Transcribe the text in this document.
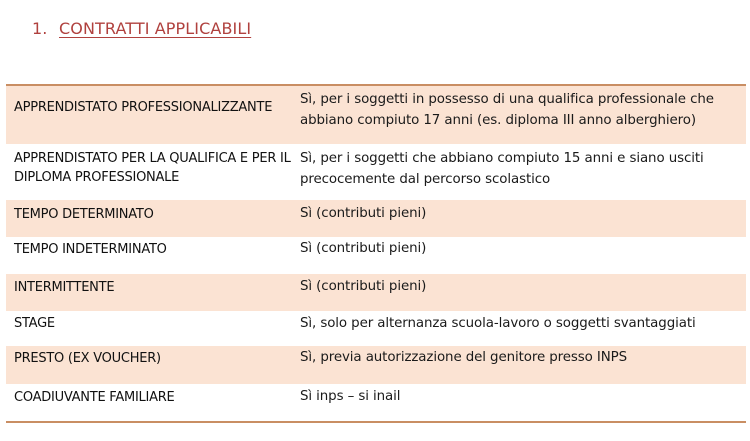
1. CONTRATTI APPLICABILI
APPRENDISTATO PROFESSIONALIZZANTE	Sì, per i soggetti in possesso di una qualifica professionale che abbiano compiuto 17 anni (es. diploma III anno alberghiero)
APPRENDISTATO PER LA QUALIFICA E PER IL DIPLOMA PROFESSIONALE	Sì, per i soggetti che abbiano compiuto 15 anni e siano usciti precocemente dal percorso scolastico
TEMPO DETERMINATO	Sì (contributi pieni)
TEMPO INDETERMINATO	Sì (contributi pieni)
INTERMITTENTE	Sì (contributi pieni)
STAGE	Sì, solo per alternanza scuola-lavoro o soggetti svantaggiati
PRESTO (EX VOUCHER)	Sì, previa autorizzazione del genitore presso INPS
COADIUVANTE FAMILIARE	Sì inps – si inail
